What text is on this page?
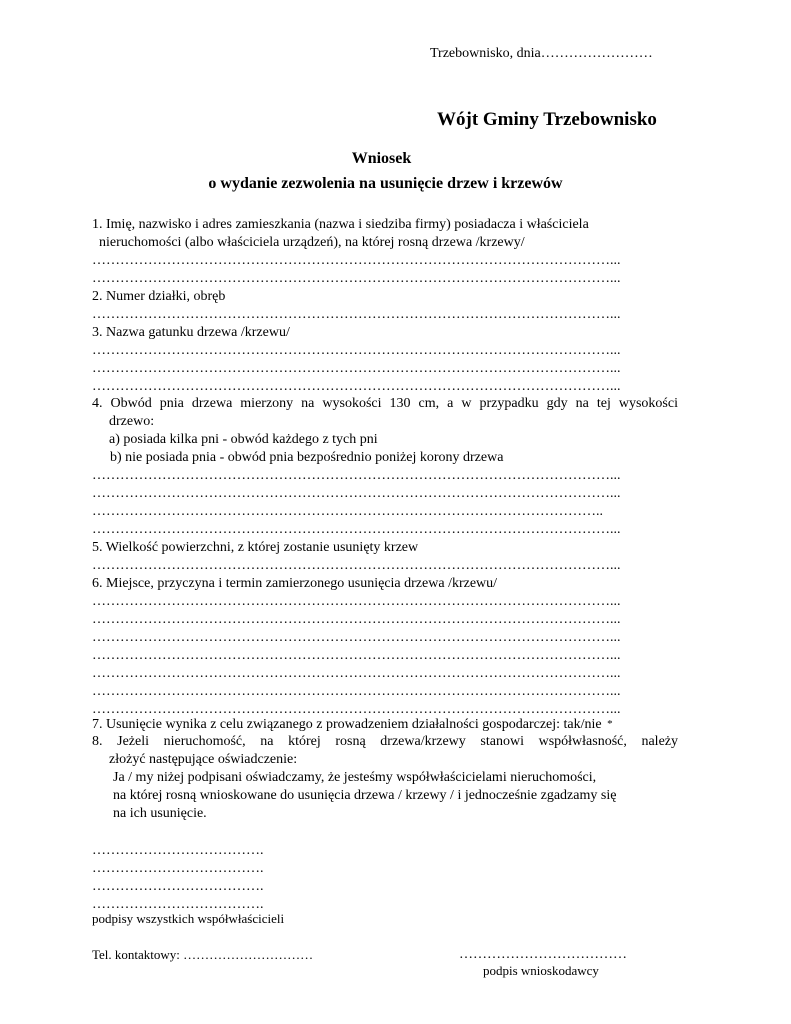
Trzebownisko, dnia……………………
Wójt Gminy Trzebownisko
Wniosek
o wydanie zezwolenia na usunięcie drzew i krzewów
1. Imię, nazwisko i adres zamieszkania (nazwa i siedziba firmy) posiadacza i właściciela
nieruchomości (albo właściciela urządzeń), na której rosną drzewa /krzewy/
…………………………………………………………………………………………………...
…………………………………………………………………………………………………...
2. Numer działki, obręb
…………………………………………………………………………………………………...
3. Nazwa gatunku drzewa /krzewu/
…………………………………………………………………………………………………...
…………………………………………………………………………………………………...
…………………………………………………………………………………………………...
4. Obwód pnia drzewa mierzony na wysokości 130 cm, a w przypadku gdy na tej wysokości
drzewo:
a) posiada kilka pni - obwód każdego z tych pni
b) nie posiada pnia - obwód pnia bezpośrednio poniżej korony drzewa
…………………………………………………………………………………………………...
…………………………………………………………………………………………………...
………………………………………………………………………………………………..
…………………………………………………………………………………………………...
5. Wielkość powierzchni, z której zostanie usunięty krzew
…………………………………………………………………………………………………...
6. Miejsce, przyczyna i termin zamierzonego usunięcia drzewa /krzewu/
…………………………………………………………………………………………………...
…………………………………………………………………………………………………...
…………………………………………………………………………………………………...
…………………………………………………………………………………………………...
…………………………………………………………………………………………………...
…………………………………………………………………………………………………...
…………………………………………………………………………………………………...
7. Usunięcie wynika z celu związanego z prowadzeniem działalności gospodarczej: tak/nie *
8. Jeżeli nieruchomość, na której rosną drzewa/krzewy stanowi współwłasność, należy
złożyć następujące oświadczenie:
Ja / my niżej podpisani oświadczamy, że jesteśmy współwłaścicielami nieruchomości,
na której rosną wnioskowane do usunięcia drzewa / krzewy / i jednocześnie zgadzamy się
na ich usunięcie.
……………………………….
……………………………….
……………………………….
……………………………….
podpisy wszystkich współwłaścicieli
Tel. kontaktowy: …………………………	………………………………
podpis wnioskodawcy
